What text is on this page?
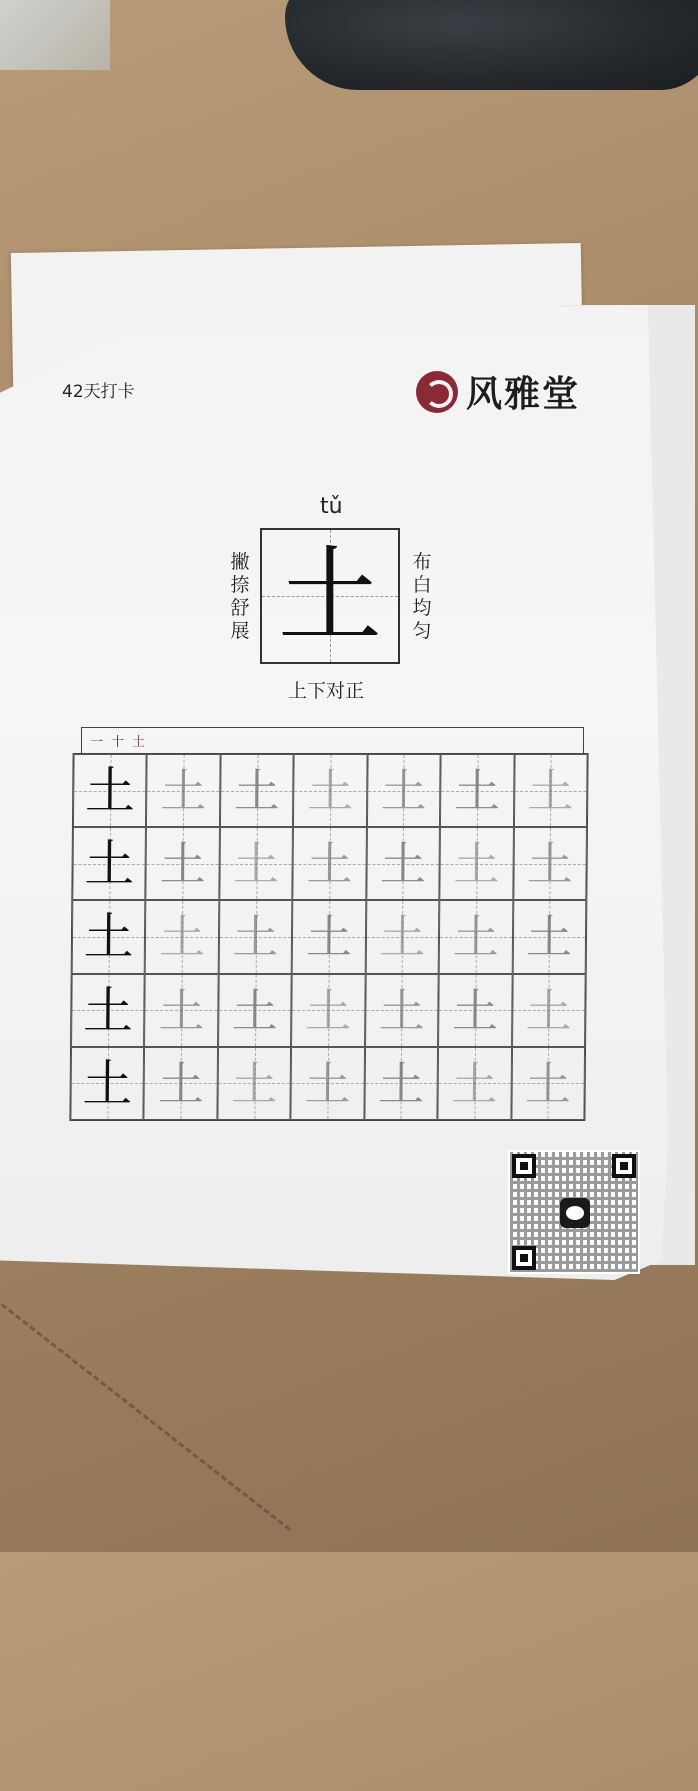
42天打卡	风雅堂
tǔ
土
撇捺舒展
布白均匀
上下对正
一 十 土
土 土 土 土 土 土 土
土 土 土 土 土 土 土
土 土 土 土 土 土 土
土 土 土 土 土 土 土
土 土 土 土 土 土 土
